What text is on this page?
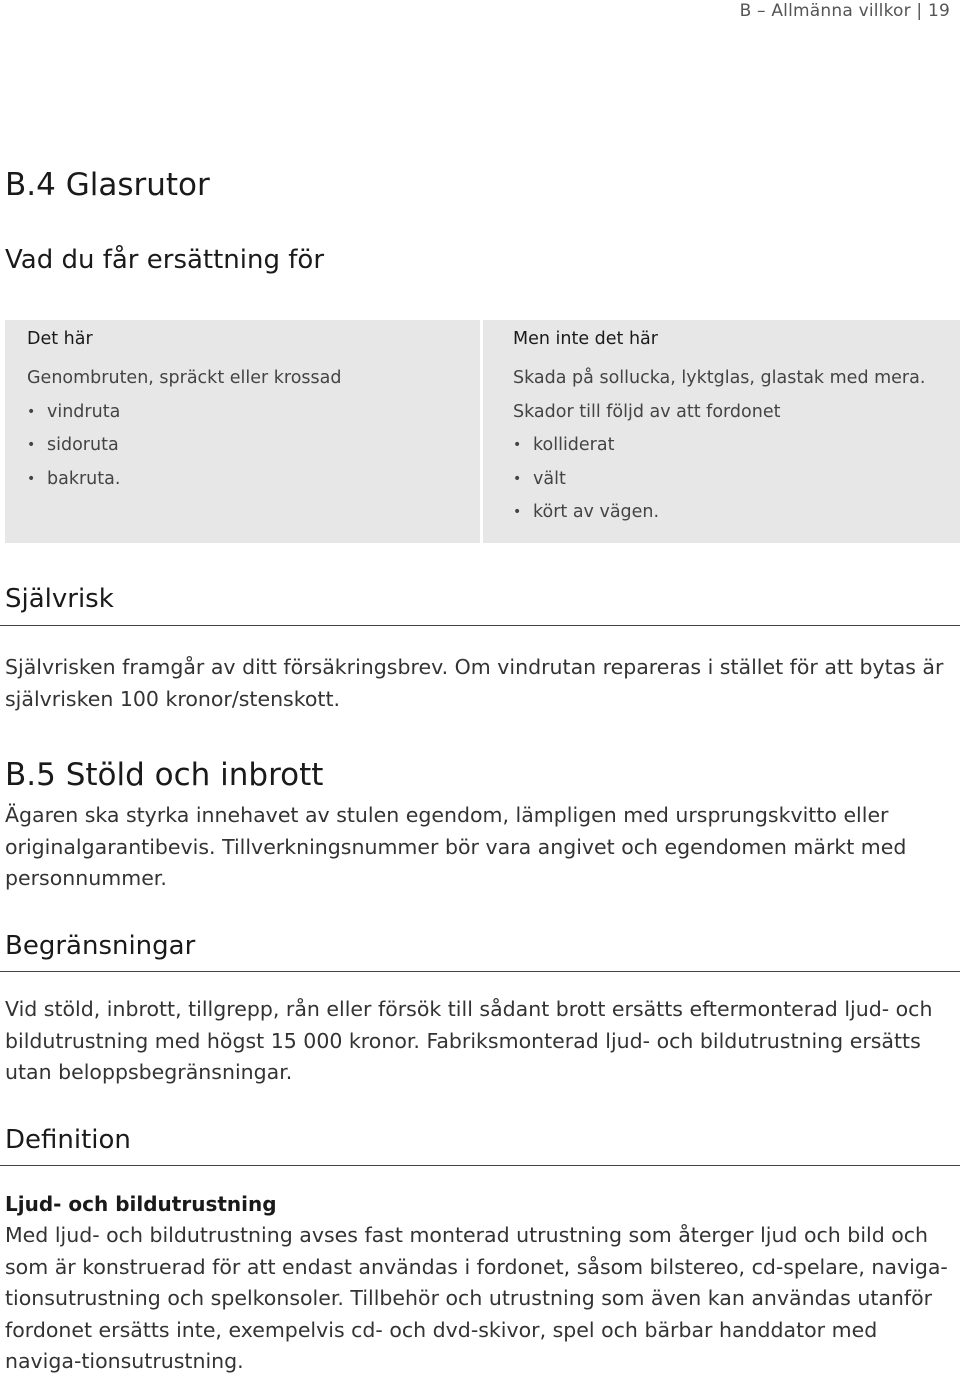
B – Allmänna villkor | 19
B.4 Glasrutor
Vad du får ersättning för
Det här
Genombruten, spräckt eller krossad
• vindruta
• sidoruta
• bakruta.
Men inte det här
Skada på sollucka, lyktglas, glastak med mera.
Skador till följd av att fordonet
• kolliderat
• vält
• kört av vägen.
Självrisk

Självrisken framgår av ditt försäkringsbrev. Om vindrutan repareras i stället för att bytas är självrisken 100 kronor/stenskott.

B.5 Stöld och inbrott

Ägaren ska styrka innehavet av stulen egendom, lämpligen med ursprungskvitto eller originalgarantibevis. Tillverkningsnummer bör vara angivet och egendomen märkt med personnummer.

Begränsningar

Vid stöld, inbrott, tillgrepp, rån eller försök till sådant brott ersätts eftermonterad ljud- och bildutrustning med högst 15 000 kronor. Fabriksmonterad ljud- och bildutrustning ersätts utan beloppsbegränsningar.

Definition
Ljud- och bildutrustning

Med ljud- och bildutrustning avses fast monterad utrustning som återger ljud och bild och som är konstruerad för att endast användas i fordonet, såsom bilstereo, cd-spelare, naviga-tionsutrustning och spelkonsoler. Tillbehör och utrustning som även kan användas utanför fordonet ersätts inte, exempelvis cd- och dvd-skivor, spel och bärbar handdator med naviga-tionsutrustning.
